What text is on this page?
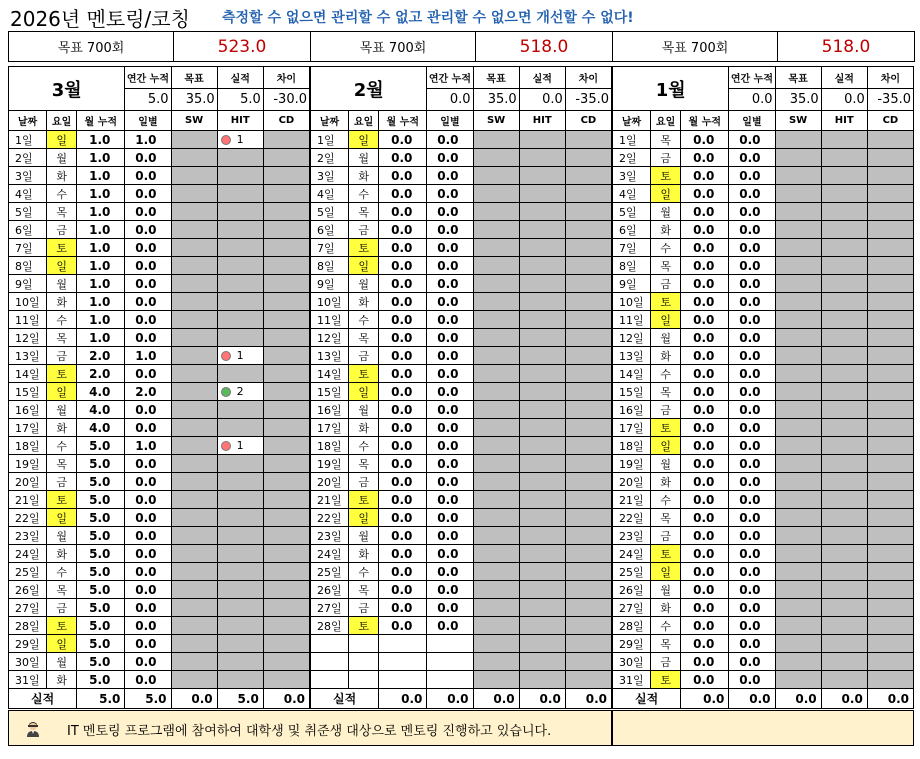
2026년 멘토링/코칭 측정할 수 없으면 관리할 수 없고 관리할 수 없으면 개선할 수 없다!
목표 700회	523.0	목표 700회	518.0	목표 700회	518.0
3월			연간 누적	목표	실적	차이
			5.0	35.0	5.0	-30.0
날짜	요일	월 누적	일별	SW	HIT	CD
1일	일	1.0	1.0		1	
2일	월	1.0	0.0			
3일	화	1.0	0.0			
4일	수	1.0	0.0			
5일	목	1.0	0.0			
6일	금	1.0	0.0			
7일	토	1.0	0.0			
8일	일	1.0	0.0			
9일	월	1.0	0.0			
10일	화	1.0	0.0			
11일	수	1.0	0.0			
12일	목	1.0	0.0			
13일	금	2.0	1.0		1	
14일	토	2.0	0.0			
15일	일	4.0	2.0		2	
16일	월	4.0	0.0			
17일	화	4.0	0.0			
18일	수	5.0	1.0		1	
19일	목	5.0	0.0			
20일	금	5.0	0.0			
21일	토	5.0	0.0			
22일	일	5.0	0.0			
23일	월	5.0	0.0			
24일	화	5.0	0.0			
25일	수	5.0	0.0			
26일	목	5.0	0.0			
27일	금	5.0	0.0			
28일	토	5.0	0.0			
29일	일	5.0	0.0			
30일	월	5.0	0.0			
31일	화	5.0	0.0			
실적		5.0	5.0	0.0	5.0	0.0
2월			연간 누적	목표	실적	차이
			0.0	35.0	0.0	-35.0
날짜	요일	월 누적	일별	SW	HIT	CD
1일	일	0.0	0.0			
2일	월	0.0	0.0			
3일	화	0.0	0.0			
4일	수	0.0	0.0			
5일	목	0.0	0.0			
6일	금	0.0	0.0			
7일	토	0.0	0.0			
8일	일	0.0	0.0			
9일	월	0.0	0.0			
10일	화	0.0	0.0			
11일	수	0.0	0.0			
12일	목	0.0	0.0			
13일	금	0.0	0.0			
14일	토	0.0	0.0			
15일	일	0.0	0.0			
16일	월	0.0	0.0			
17일	화	0.0	0.0			
18일	수	0.0	0.0			
19일	목	0.0	0.0			
20일	금	0.0	0.0			
21일	토	0.0	0.0			
22일	일	0.0	0.0			
23일	월	0.0	0.0			
24일	화	0.0	0.0			
25일	수	0.0	0.0			
26일	목	0.0	0.0			
27일	금	0.0	0.0			
28일	토	0.0	0.0			

실적		0.0	0.0	0.0	0.0	0.0
1월			연간 누적	목표	실적	차이
			0.0	35.0	0.0	-35.0
날짜	요일	월 누적	일별	SW	HIT	CD
1일	목	0.0	0.0			
2일	금	0.0	0.0			
3일	토	0.0	0.0			
4일	일	0.0	0.0			
5일	월	0.0	0.0			
6일	화	0.0	0.0			
7일	수	0.0	0.0			
8일	목	0.0	0.0			
9일	금	0.0	0.0			
10일	토	0.0	0.0			
11일	일	0.0	0.0			
12일	월	0.0	0.0			
13일	화	0.0	0.0			
14일	수	0.0	0.0			
15일	목	0.0	0.0			
16일	금	0.0	0.0			
17일	토	0.0	0.0			
18일	일	0.0	0.0			
19일	월	0.0	0.0			
20일	화	0.0	0.0			
21일	수	0.0	0.0			
22일	목	0.0	0.0			
23일	금	0.0	0.0			
24일	토	0.0	0.0			
25일	일	0.0	0.0			
26일	월	0.0	0.0			
27일	화	0.0	0.0			
28일	수	0.0	0.0			
29일	목	0.0	0.0			
30일	금	0.0	0.0			
31일	토	0.0	0.0			
실적		0.0	0.0	0.0	0.0	0.0
IT 멘토링 프로그램에 참여하여 대학생 및 취준생 대상으로 멘토링 진행하고 있습니다.
